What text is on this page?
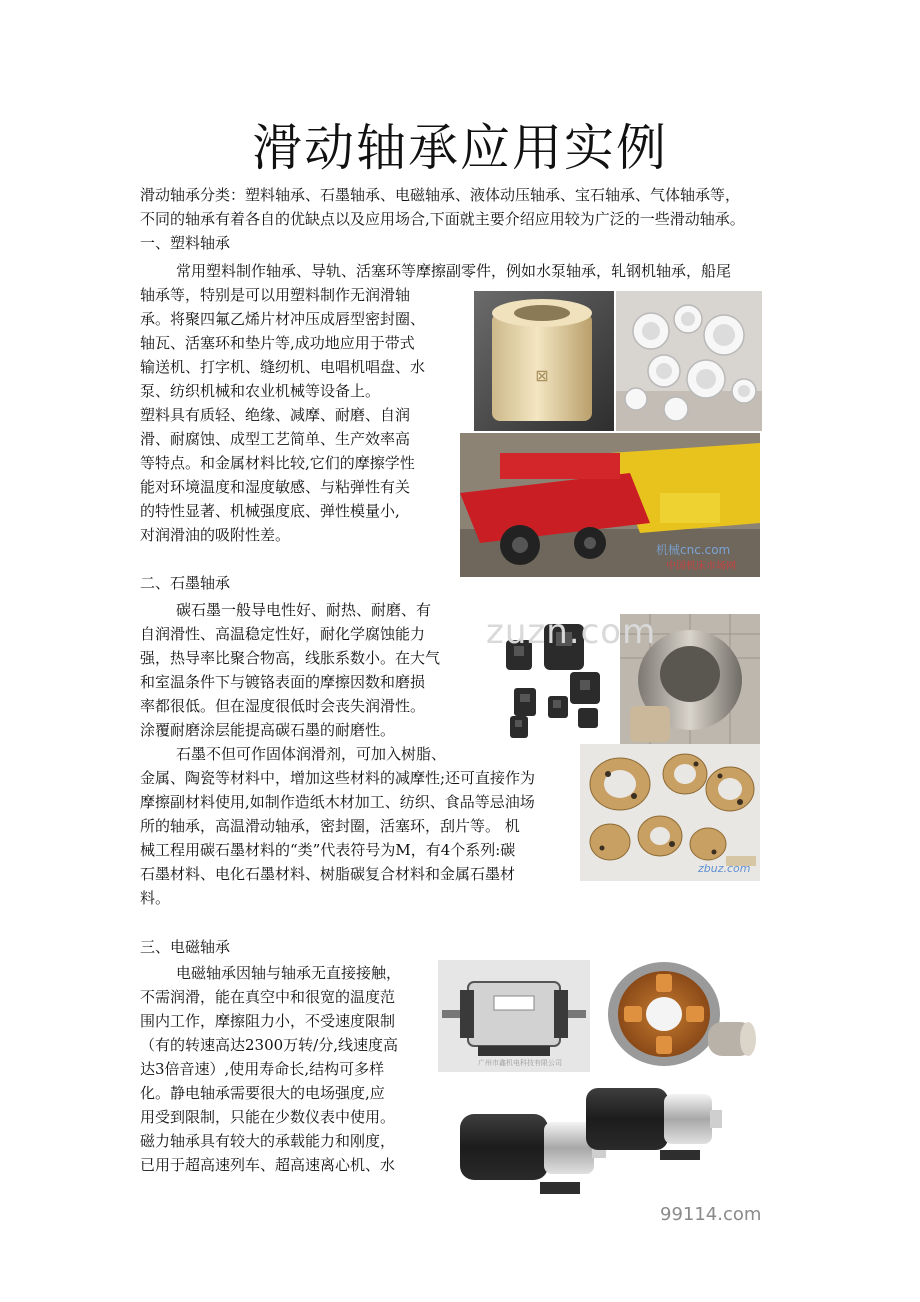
滑动轴承应用实例
滑动轴承分类：塑料轴承、石墨轴承、电磁轴承、液体动压轴承、宝石轴承、气体轴承等，
不同的轴承有着各自的优缺点以及应用场合,下面就主要介绍应用较为广泛的一些滑动轴承。
一、塑料轴承
常用塑料制作轴承、导轨、活塞环等摩擦副零件，例如水泵轴承，轧钢机轴承，船尾
轴承等，特别是可以用塑料制作无润滑轴
承。将聚四氟乙烯片材冲压成唇型密封圈、
轴瓦、活塞环和垫片等,成功地应用于带式
输送机、打字机、缝纫机、电唱机唱盘、水
泵、纺织机械和农业机械等设备上。
塑料具有质轻、绝缘、减摩、耐磨、自润
滑、耐腐蚀、成型工艺简单、生产效率高
等特点。和金属材料比较,它们的摩擦学性
能对环境温度和湿度敏感、与粘弹性有关
的特性显著、机械强度底、弹性模量小,
对润滑油的吸附性差。
⊠
机械cnc.com
中国机床市场网
二、石墨轴承
碳石墨一般导电性好、耐热、耐磨、有
自润滑性、高温稳定性好，耐化学腐蚀能力
强，热导率比聚合物高，线胀系数小。在大气
和室温条件下与镀铬表面的摩擦因数和磨损
率都很低。但在湿度很低时会丧失润滑性。
涂覆耐磨涂层能提高碳石墨的耐磨性。
石墨不但可作固体润滑剂，可加入树脂、
金属、陶瓷等材料中，增加这些材料的减摩性;还可直接作为
摩擦副材料使用,如制作造纸木材加工、纺织、食品等忌油场
所的轴承，高温滑动轴承，密封圈，活塞环，刮片等。 机
械工程用碳石墨材料的“类”代表符号为M，有4个系列:碳
石墨材料、电化石墨材料、树脂碳复合材料和金属石墨材
料。
zuzn.com
zbuz.com
三、电磁轴承
电磁轴承因轴与轴承无直接接触，
不需润滑，能在真空中和很宽的温度范
围内工作，摩擦阻力小，不受速度限制
（有的转速高达2300万转/分,线速度高
达3倍音速）,使用寿命长,结构可多样
化。静电轴承需要很大的电场强度,应
用受到限制，只能在少数仪表中使用。
磁力轴承具有较大的承载能力和刚度，
已用于超高速列车、超高速离心机、水
广州市鑫机电科技有限公司
99114.com
